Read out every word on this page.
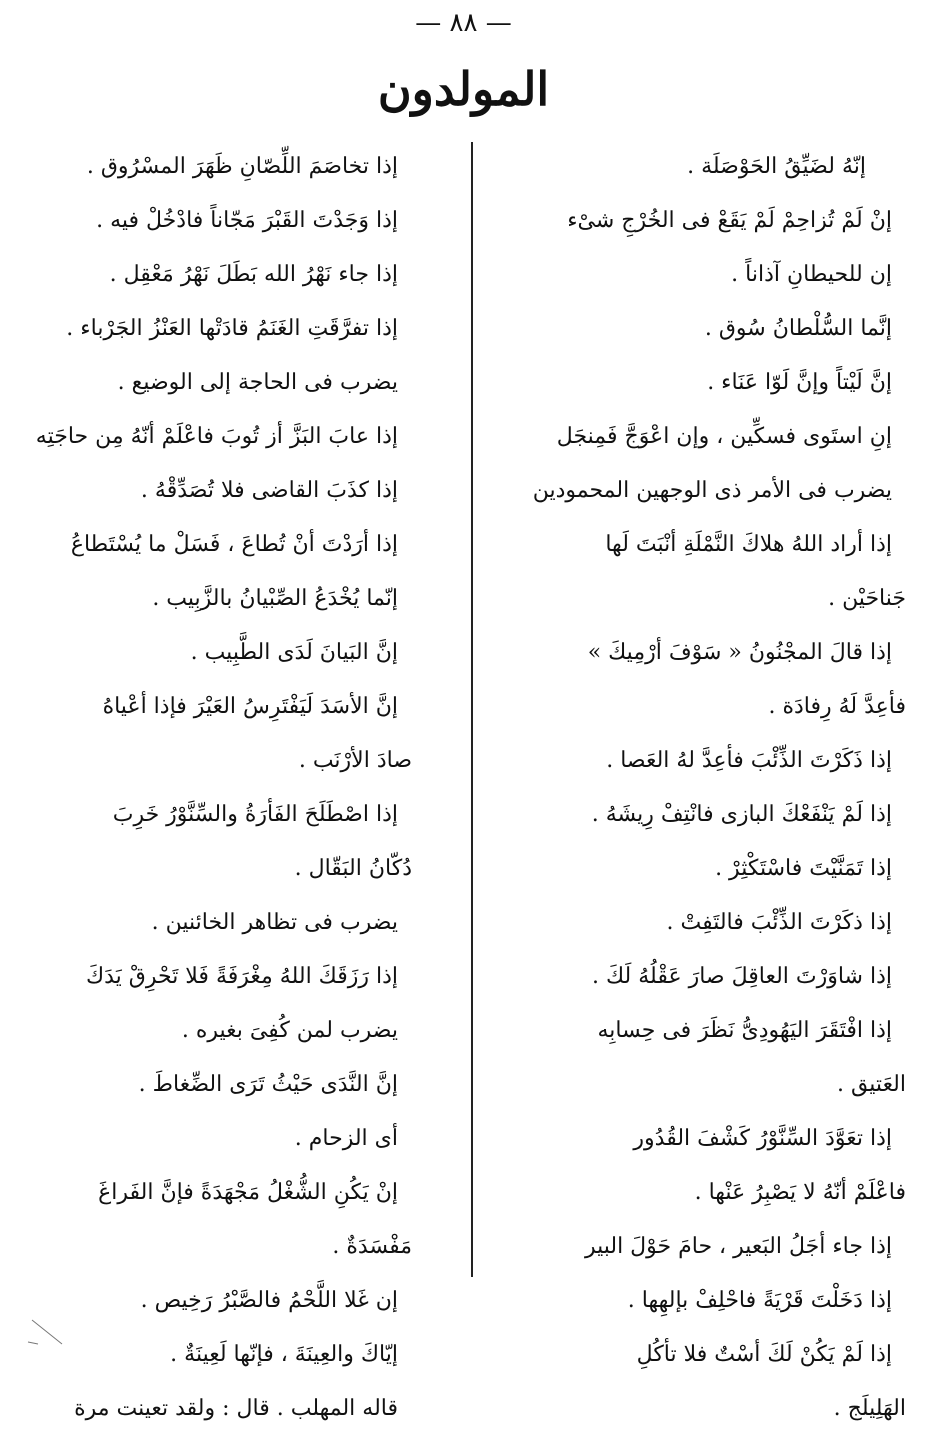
— ٨٨ —
المولدون
إنّهُ لضَيِّقُ الحَوْصَلَة .
إنْ لَمْ تُزاحِمْ لَمْ يَقَعْ فى الخُرْجِ شىْء
إن للحيطانِ آذاناً .
إنَّما السُّلْطانُ سُوق .
إنَّ لَيْتاً وإنَّ لَوّا عَنَاء .
إنِ استَوى فسكِّين ، وإن اعْوَجَّ فَمِنجَل
يضرب فى الأمر ذى الوجهين المحمودين
إذا أراد اللهُ هلاكَ النَّمْلَةِ أنْبَتَ لَها
جَناحَيْن .
إذا قالَ المجْنُونُ « سَوْفَ أرْمِيكَ »
فأعِدَّ لَهُ رِفادَة .
إذا ذَكَرْتَ الذِّئْبَ فأعِدَّ لهُ العَصا .
إذا لَمْ يَنْفَعْكَ البازى فانْتِفْ رِيشَهُ .
إذا تَمَنَّيْتَ فاسْتَكْثِرْ .
إذا ذكَرْتَ الذِّئْبَ فالتَفِتْ .
إذا شاوَرْتَ العاقِلَ صارَ عَقْلُهُ لَكَ .
إذا افْتَقَرَ اليَهُودِىُّ نَظَرَ فى حِسابِه
العَتيق .
إذا تعَوَّدَ السِّنَّوْرُ كَشْفَ القُدُور
فاعْلَمْ أنّهُ لا يَصْبِرُ عَنْها .
إذا جاء أجَلُ البَعير ، حامَ حَوْلَ البير
إذا دَخَلْتَ قَرْيَةً فاحْلِفْ بإلهِها .
إذا لَمْ يَكُنْ لَكَ أسْتٌ فلا تأكُلِ
الهَلِيلَج .
إذا تخاصَمَ اللِّصّانِ ظَهَرَ المسْرُوق .
إذا وَجَدْتَ القَبْرَ مَجّاناً فادْخُلْ فيه .
إذا جاء نَهْرُ الله بَطَلَ نَهْرُ مَعْقِل .
إذا تفرَّقَتِ الغَنَمُ قادَتْها العَنْزُ الجَرْباء .
يضرب فى الحاجة إلى الوضيع .
إذا عابَ البَزَّ أز تُوبَ فاعْلَمْ أنّهُ مِن حاجَتِه
إذا كذَبَ القاضى فلا تُصَدِّقْهُ .
إذا أرَدْتَ أنْ تُطاعَ ، فَسَلْ ما يُسْتَطاعُ
إنّما يُخْدَعُ الصِّبْيانُ بالزَّبِيب .
إنَّ البَيانَ لَدَى الطَّبِيب .
إنَّ الأسَدَ لَيَفْتَرِسُ العَيْرَ فإذا أعْياهُ
صادَ الأرْنَب .
إذا اصْطَلَحَ الفَأرَةُ والسِّنَّوْرُ خَرِبَ
دُكّانُ البَقّال .
يضرب فى تظاهر الخائنين .
إذا رَزَقَكَ اللهُ مِغْرَفَةً فَلا تَحْرِقْ يَدَكَ
يضرب لمن كُفِىَ بغيره .
إنَّ النَّدَى حَيْثُ تَرَى الضِّغاطَ .
أى الزحام .
إنْ يَكُنِ الشُّغْلُ مَجْهَدَةً فإنَّ الفَراغَ
مَفْسَدَةٌ .
إن غَلا اللَّحْمُ فالصَّبْرُ رَخِيص .
إيّاكَ والعِينَةَ ، فإنّها لَعِينَةٌ .
قاله المهلب . قال : ولقد تعينت مرة
